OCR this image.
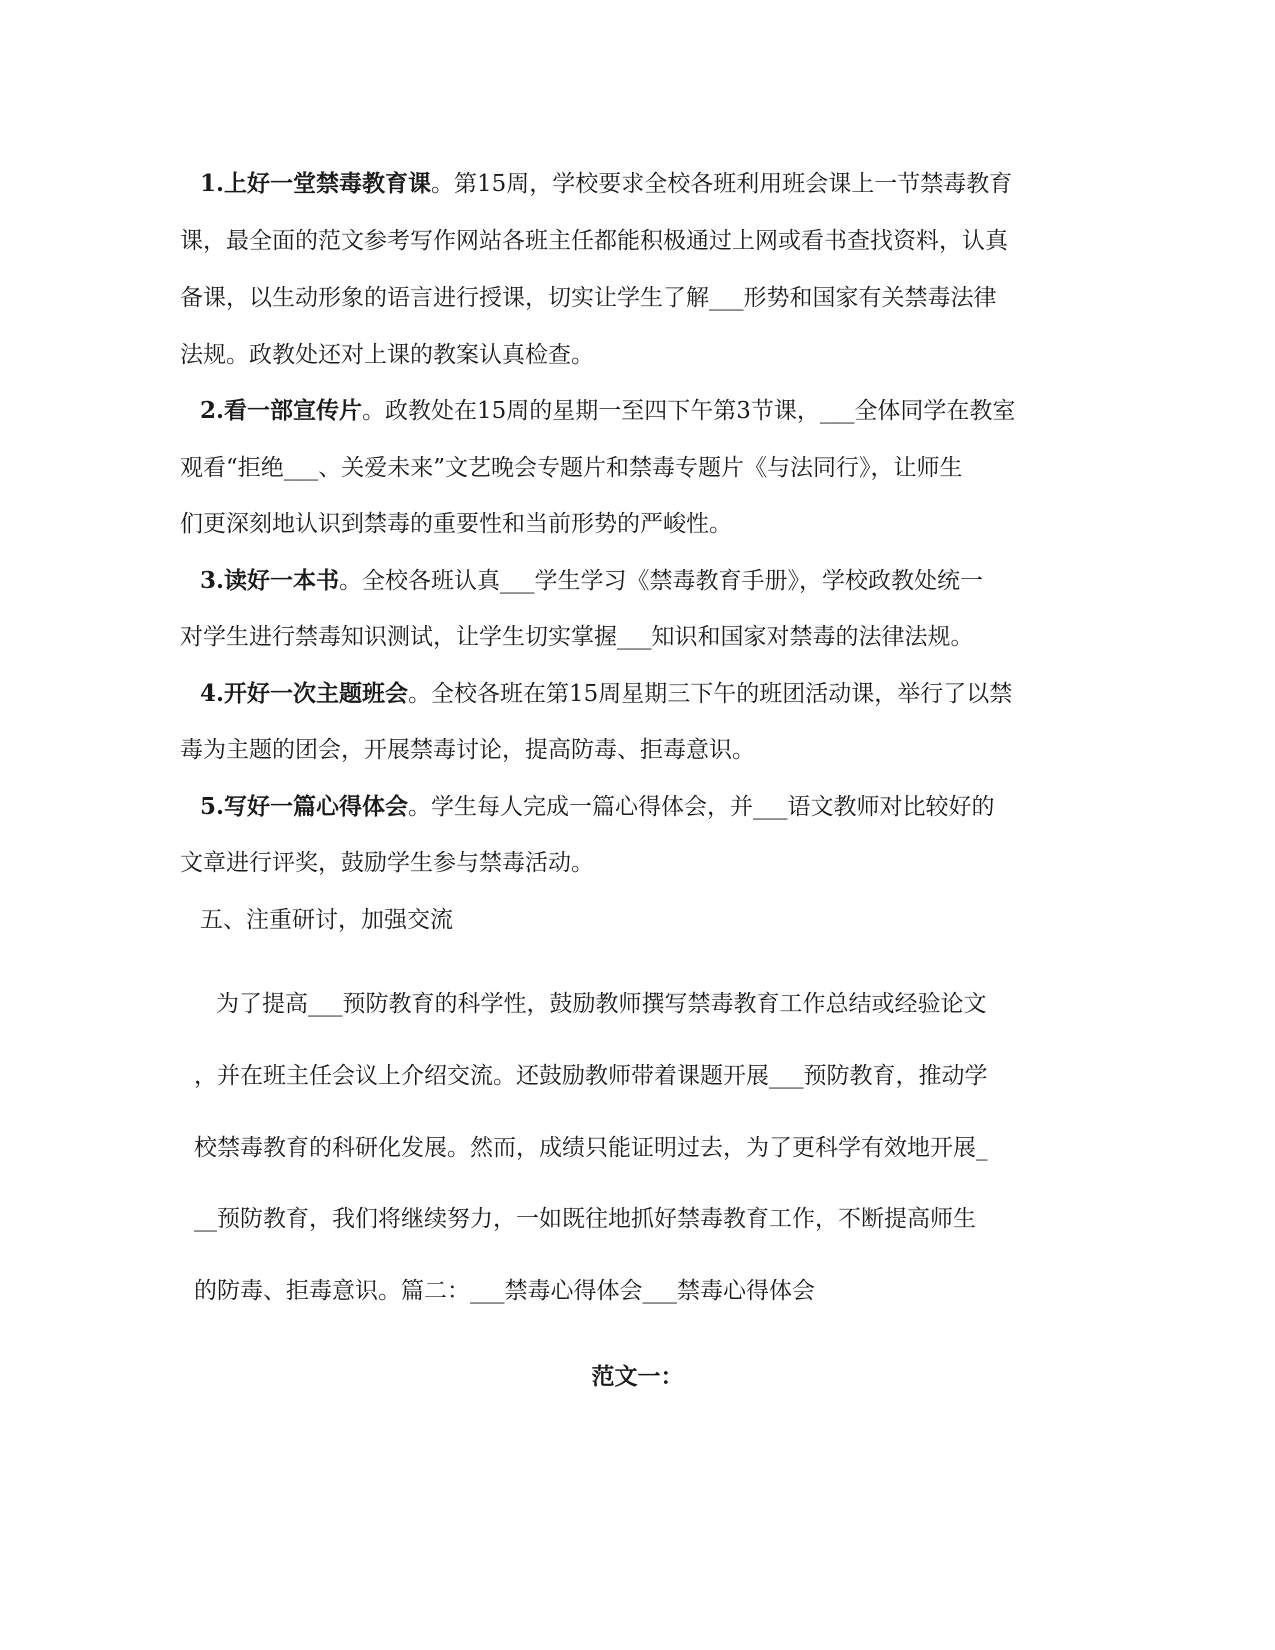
1.上好一堂禁毒教育课。第15周，学校要求全校各班利用班会课上一节禁毒教育
课，最全面的范文参考写作网站各班主任都能积极通过上网或看书查找资料，认真
备课，以生动形象的语言进行授课，切实让学生了解___形势和国家有关禁毒法律
法规。政教处还对上课的教案认真检查。
2.看一部宣传片。政教处在15周的星期一至四下午第3节课，___全体同学在教室
观看“拒绝___、关爱未来”文艺晚会专题片和禁毒专题片《与法同行》，让师生
们更深刻地认识到禁毒的重要性和当前形势的严峻性。
3.读好一本书。全校各班认真___学生学习《禁毒教育手册》，学校政教处统一
对学生进行禁毒知识测试，让学生切实掌握___知识和国家对禁毒的法律法规。
4.开好一次主题班会。全校各班在第15周星期三下午的班团活动课，举行了以禁
毒为主题的团会，开展禁毒讨论，提高防毒、拒毒意识。
5.写好一篇心得体会。学生每人完成一篇心得体会，并___语文教师对比较好的
文章进行评奖，鼓励学生参与禁毒活动。
五、注重研讨，加强交流
为了提高___预防教育的科学性，鼓励教师撰写禁毒教育工作总结或经验论文
，并在班主任会议上介绍交流。还鼓励教师带着课题开展___预防教育，推动学
校禁毒教育的科研化发展。然而，成绩只能证明过去，为了更科学有效地开展_
__预防教育，我们将继续努力，一如既往地抓好禁毒教育工作，不断提高师生
的防毒、拒毒意识。篇二：___禁毒心得体会___禁毒心得体会
范文一：
